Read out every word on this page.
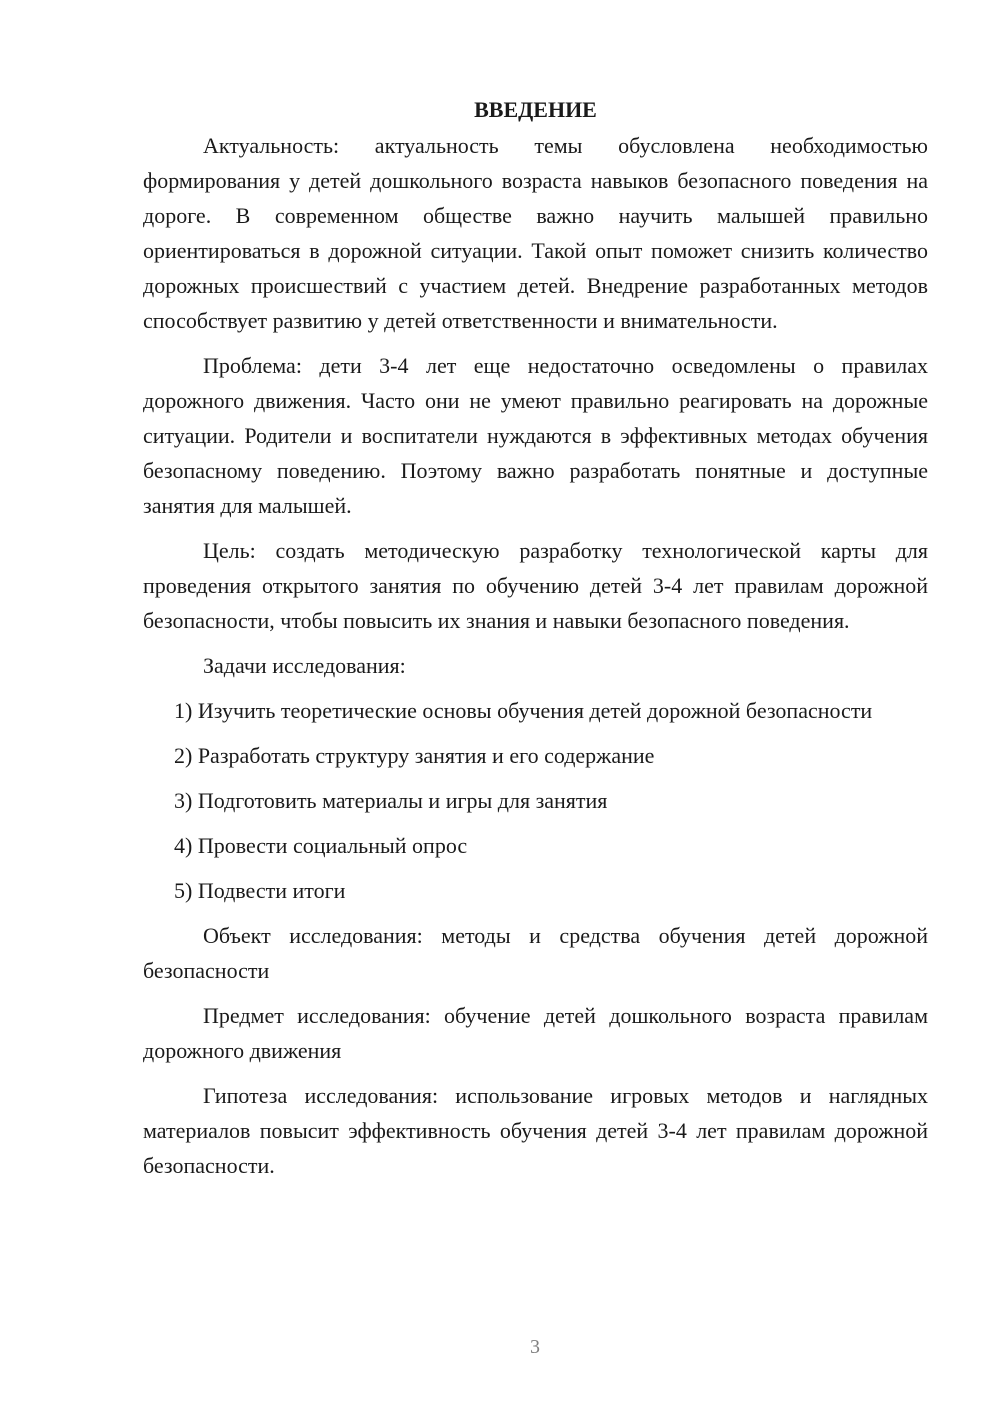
ВВЕДЕНИЕ

Актуальность: актуальность темы обусловлена необходимостью формирования у детей дошкольного возраста навыков безопасного поведения на дороге. В современном обществе важно научить малышей правильно ориентироваться в дорожной ситуации. Такой опыт поможет снизить количество дорожных происшествий с участием детей. Внедрение разработанных методов способствует развитию у детей ответственности и внимательности.

Проблема: дети 3-4 лет еще недостаточно осведомлены о правилах дорожного движения. Часто они не умеют правильно реагировать на дорожные ситуации. Родители и воспитатели нуждаются в эффективных методах обучения безопасному поведению. Поэтому важно разработать понятные и доступные занятия для малышей.

Цель: создать методическую разработку технологической карты для проведения открытого занятия по обучению детей 3-4 лет правилам дорожной безопасности, чтобы повысить их знания и навыки безопасного поведения.

Задачи исследования:

1) Изучить теоретические основы обучения детей дорожной безопасности

2) Разработать структуру занятия и его содержание

3) Подготовить материалы и игры для занятия

4) Провести социальный опрос

5) Подвести итоги

Объект исследования: методы и средства обучения детей дорожной безопасности

Предмет исследования: обучение детей дошкольного возраста правилам дорожного движения

Гипотеза исследования: использование игровых методов и наглядных материалов повысит эффективность обучения детей 3-4 лет правилам дорожной безопасности.

3
